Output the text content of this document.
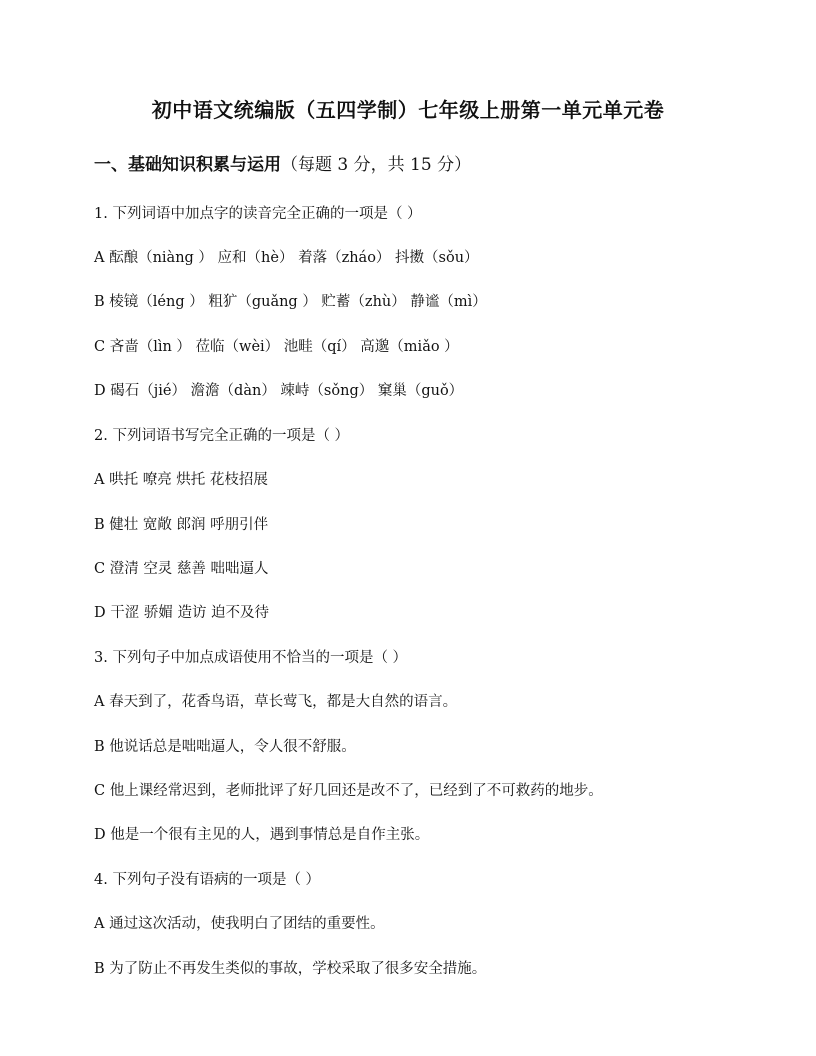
初中语文统编版（五四学制）七年级上册第一单元单元卷
一、基础知识积累与运用（每题 3 分，共 15 分）
1. 下列词语中加点字的读音完全正确的一项是（ ）
A 酝酿（niàng ） 应和（hè） 着落（zháo） 抖擞（sǒu）
B 棱镜（léng ） 粗犷（guǎng ） 贮蓄（zhù） 静谧（mì）
C 吝啬（lìn ） 莅临（wèi） 池畦（qí） 高邈（miǎo ）
D 碣石（jié） 澹澹（dàn） 竦峙（sǒng） 窠巢（guǒ）
2. 下列词语书写完全正确的一项是（ ）
A 哄托 嘹亮 烘托 花枝招展
B 健壮 宽敞 郎润 呼朋引伴
C 澄清 空灵 慈善 咄咄逼人
D 干涩 骄媚 造访 迫不及待
3. 下列句子中加点成语使用不恰当的一项是（ ）
A 春天到了，花香鸟语，草长莺飞，都是大自然的语言。
B 他说话总是咄咄逼人，令人很不舒服。
C 他上课经常迟到，老师批评了好几回还是改不了，已经到了不可救药的地步。
D 他是一个很有主见的人，遇到事情总是自作主张。
4. 下列句子没有语病的一项是（ ）
A 通过这次活动，使我明白了团结的重要性。
B 为了防止不再发生类似的事故，学校采取了很多安全措施。
